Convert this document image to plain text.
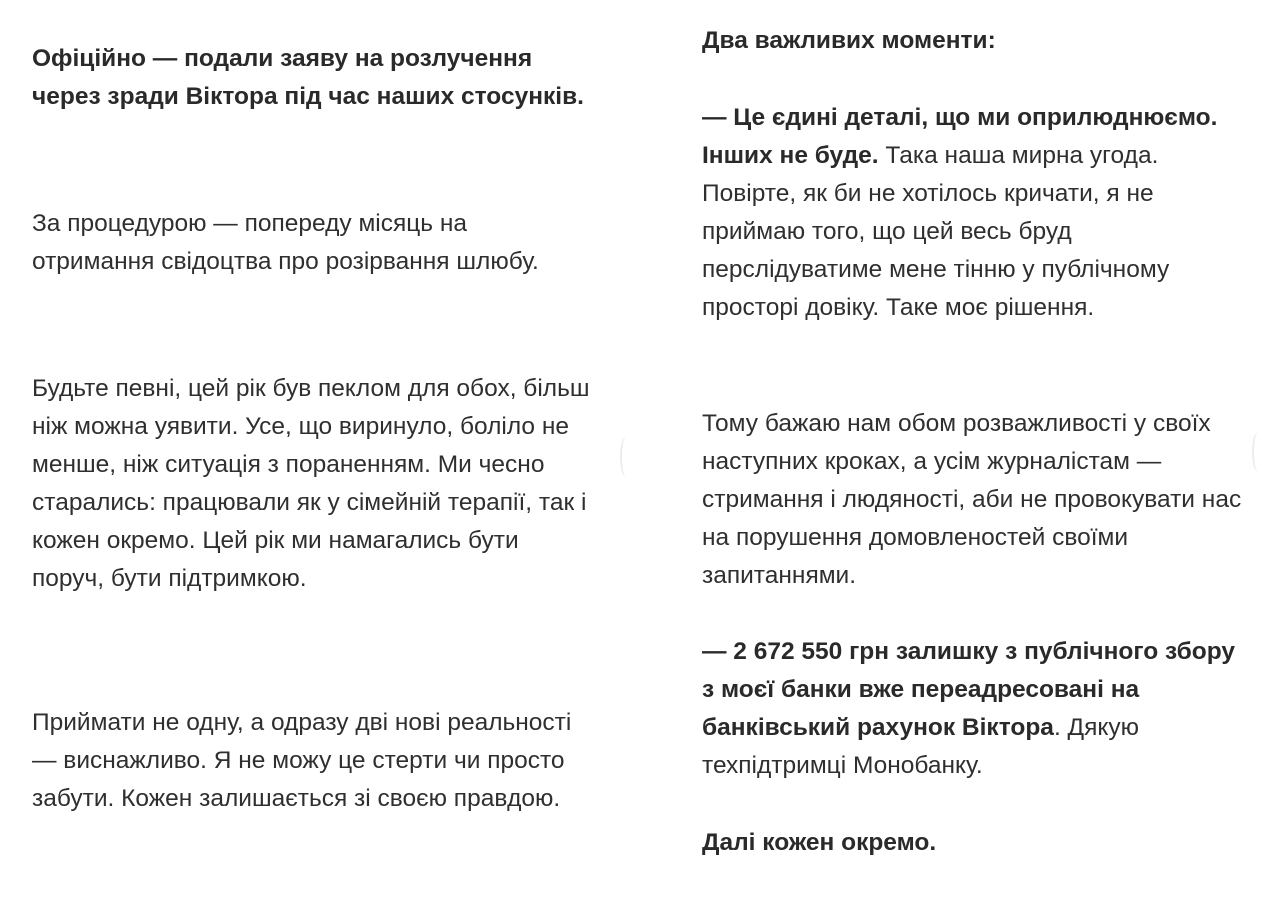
Офіційно — подали заяву на розлучення через зради Віктора під час наших стосунків.

За процедурою — попереду місяць на отримання свідоцтва про розірвання шлюбу.

Будьте певні, цей рік був пеклом для обох, більш ніж можна уявити. Усе, що виринуло, боліло не менше, ніж ситуація з пораненням. Ми чесно старались: працювали як у сімейній терапії, так і кожен окремо. Цей рік ми намагались бути поруч, бути підтримкою.

Приймати не одну, а одразу дві нові реальності — виснажливо. Я не можу це стерти чи просто забути. Кожен залишається зі своєю правдою.

Два важливих моменти:

— Це єдині деталі, що ми оприлюднюємо. Інших не буде. Така наша мирна угода. Повірте, як би не хотілось кричати, я не приймаю того, що цей весь бруд перслідуватиме мене тінню у публічному просторі довіку. Таке моє рішення.

Тому бажаю нам обом розважливості у своїх наступних кроках, а усім журналістам — стримання і людяності, аби не провокувати нас на порушення домовленостей своїми запитаннями.

— 2 672 550 грн залишку з публічного збору з моєї банки вже переадресовані на банківський рахунок Віктора. Дякую техпідтримці Монобанку.

Далі кожен окремо.
